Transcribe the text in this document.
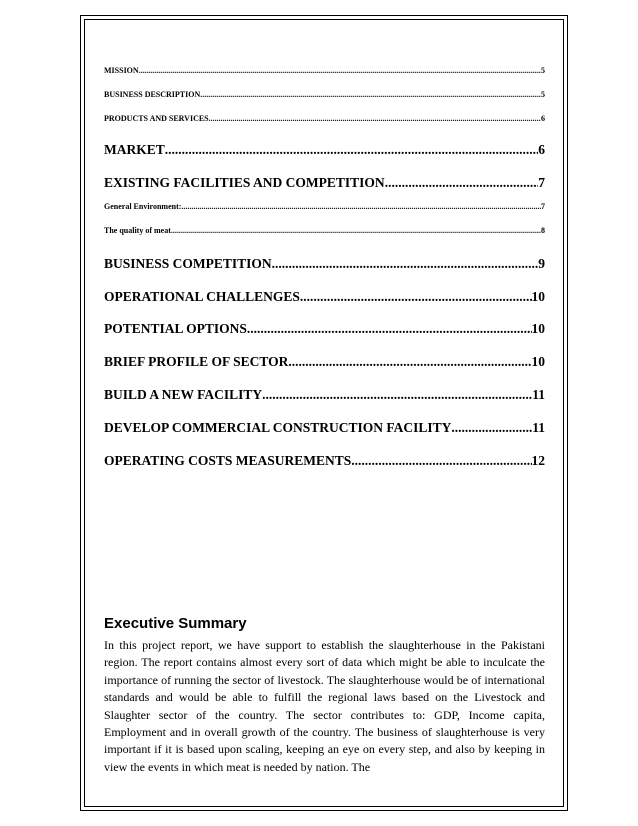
MISSION .....	5
BUSINESS DESCRIPTION .....	5
PRODUCTS AND SERVICES .....	6
MARKET .....	6
EXISTING FACILITIES AND COMPETITION .....	7
General Environment: .....	7
The quality of meat .....	8
BUSINESS COMPETITION .....	9
OPERATIONAL CHALLENGES .....	10
POTENTIAL OPTIONS .....	10
BRIEF PROFILE OF SECTOR .....	10
BUILD A NEW FACILITY .....	11
DEVELOP COMMERCIAL CONSTRUCTION FACILITY .....	11
OPERATING COSTS MEASUREMENTS .....	12
Executive Summary
In this project report, we have support to establish the slaughterhouse in the Pakistani region. The report contains almost every sort of data which might be able to inculcate the importance of running the sector of livestock. The slaughterhouse would be of international standards and would be able to fulfill the regional laws based on the Livestock and Slaughter sector of the country. The sector contributes to: GDP, Income capita, Employment and in overall growth of the country. The business of slaughterhouse is very important if it is based upon scaling, keeping an eye on every step, and also by keeping in view the events in which meat is needed by nation. The
